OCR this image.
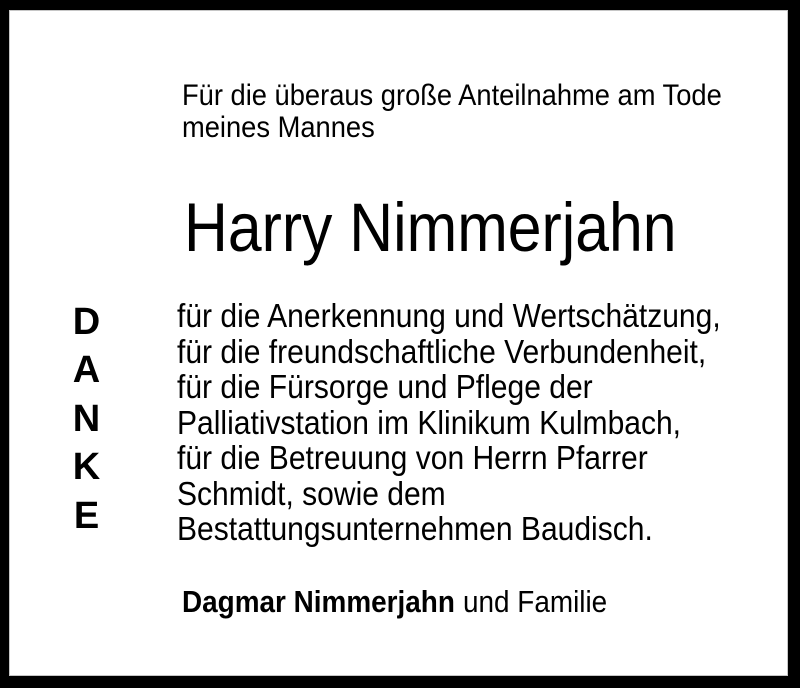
Für die überaus große Anteilnahme am Tode
meines Mannes
Harry Nimmerjahn
D
A
N
K
E
für die Anerkennung und Wertschätzung,
für die freundschaftliche Verbundenheit,
für die Fürsorge und Pflege der
Palliativstation im Klinikum Kulmbach,
für die Betreuung von Herrn Pfarrer
Schmidt, sowie dem
Bestattungsunternehmen Baudisch.
Dagmar Nimmerjahn und Familie
